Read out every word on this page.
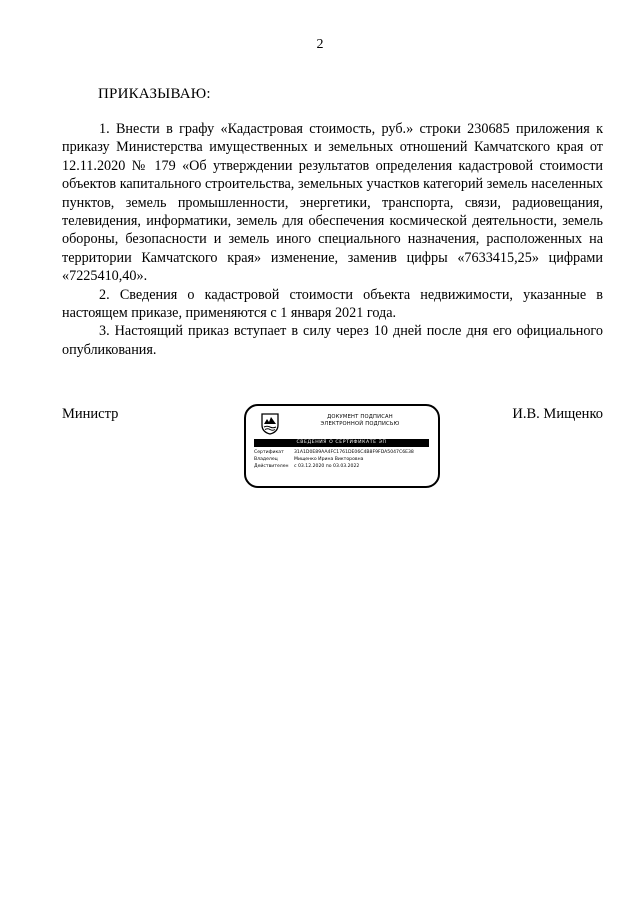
2
ПРИКАЗЫВАЮ:

1. Внести в графу «Кадастровая стоимость, руб.» строки 230685 приложения к приказу Министерства имущественных и земельных отношений Камчатского края от 12.11.2020 № 179 «Об утверждении результатов определения кадастровой стоимости объектов капитального строительства, земельных участков категорий земель населенных пунктов, земель промышленности, энергетики, транспорта, связи, радиовещания, телевидения, информатики, земель для обеспечения космической деятельности, земель обороны, безопасности и земель иного специального назначения, расположенных на территории Камчатского края» изменение, заменив цифры «7633415,25» цифрами «7225410,40».

2. Сведения о кадастровой стоимости объекта недвижимости, указанные в настоящем приказе, применяются с 1 января 2021 года.

3. Настоящий приказ вступает в силу через 10 дней после дня его официального опубликования.

Министр	ДОКУМЕНТ ПОДПИСАН
ЭЛЕКТРОННОЙ ПОДПИСЬЮ
СВЕДЕНИЯ О СЕРТИФИКАТЕ ЭП
Сертификат	31A1D0E89AA4FC1761DE06C4B8F9FDA5047C6E38
Владелец	Мищенко Ирина Викторовна
Действителен	с 03.12.2020 по 03.03.2022
И.В. Мищенко
